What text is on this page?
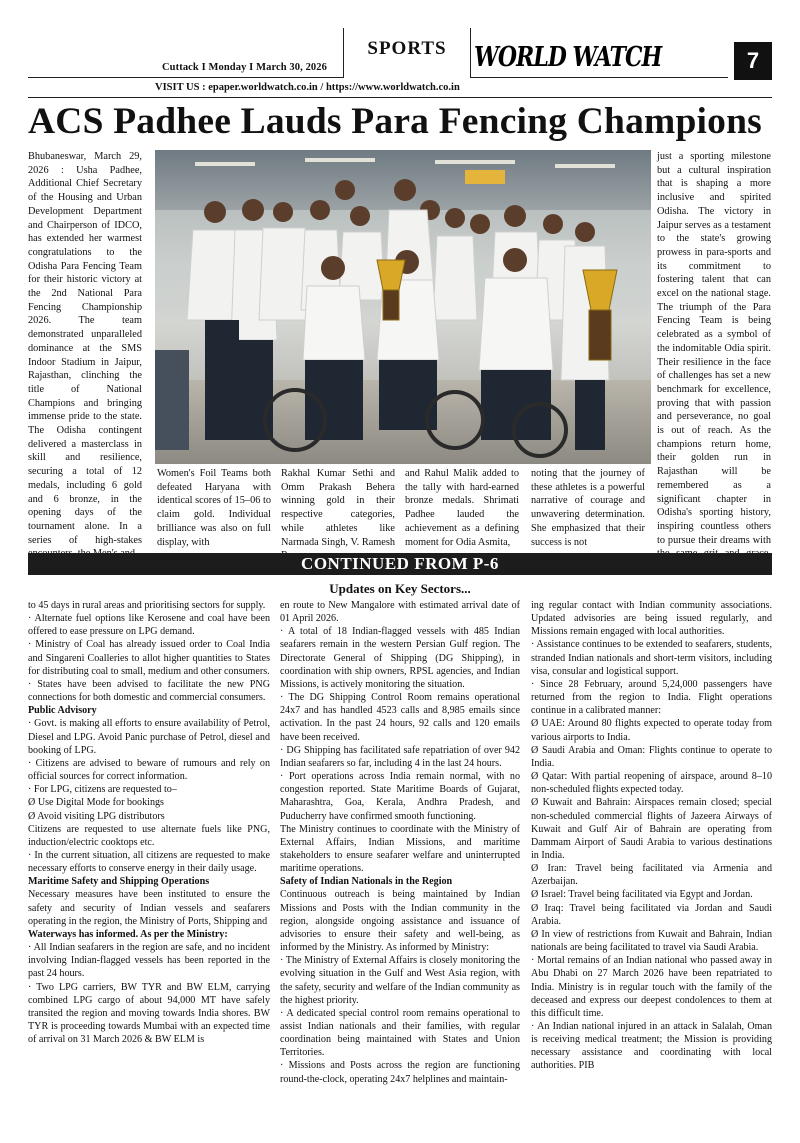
Cuttack I Monday I March 30, 2026
VISIT US : epaper.worldwatch.co.in / https://www.worldwatch.co.in
SPORTS	WORLD WATCH	7
ACS Padhee Lauds Para Fencing Champions

Bhubaneswar, March 29, 2026 : Usha Padhee, Additional Chief Secretary of the Housing and Urban Development Department and Chairperson of IDCO, has extended her warmest congratulations to the Odisha Para Fencing Team for their historic victory at the 2nd National Para Fencing Championship 2026. The team demonstrated unparalleled dominance at the SMS Indoor Stadium in Jaipur, Rajasthan, clinching the title of National Champions and bringing immense pride to the state. The Odisha contingent delivered a masterclass in skill and resilience, securing a total of 12 medals, including 6 gold and 6 bronze, in the opening days of the tournament alone. In a series of high-stakes

Women's Foil Teams both defeated Haryana with identical scores of 15–06 to claim gold. Individual brilliance was also on full display, with

Rakhal Kumar Sethi and Omm Prakash Behera winning gold in their respective categories, while athletes like Narmada Singh, V. Ramesh

and Rahul Malik added to the tally with hard-earned bronze medals. Shrimati Padhee lauded the achievement as a defining moment for Odia Asmita,

noting that the journey of these athletes is a powerful narrative of courage and unwavering determination. She emphasized that their success is not

just a sporting milestone but a cultural inspiration that is shaping a more inclusive and spirited Odisha. The victory in Jaipur serves as a testament to the state's growing prowess in para-sports and its commitment to fostering talent that can excel on the national stage. The triumph of the Para Fencing Team is being celebrated as a symbol of the indomitable Odia spirit. Their resilience in the face of challenges has set a new benchmark for excellence, proving that with passion and perseverance, no goal is out of reach. As the champions return home, their golden run in Rajasthan will be remembered as a significant chapter in Odisha's sporting history, inspiring countless others to pursue their dreams with

CONTINUED FROM P-6
Updates on Key Sectors...

to 45 days in rural areas and prioritising sectors for supply.

· Alternate fuel options like Kerosene and coal have been offered to ease pressure on LPG demand.

· Ministry of Coal has already issued order to Coal India and Singareni Coalleries to allot higher quantities to States for distributing coal to small, medium and other consumers.

· States have been advised to facilitate the new PNG connections for both domestic and commercial consumers.

Public Advisory

· Govt. is making all efforts to ensure availability of Petrol, Diesel and LPG. Avoid Panic purchase of Petrol, diesel and booking of LPG.

· Citizens are advised to beware of rumours and rely on official sources for correct information.

· For LPG, citizens are requested to–

Ø Use Digital Mode for bookings

Ø Avoid visiting LPG distributors

Citizens are requested to use alternate fuels like PNG, induction/electric cooktops etc.

· In the current situation, all citizens are requested to make necessary efforts to conserve energy in their daily usage.

Maritime Safety and Shipping Operations

Necessary measures have been instituted to ensure the safety and security of Indian vessels and seafarers operating in the region, the Ministry of Ports, Shipping and

Waterways has informed. As per the Ministry:

· All Indian seafarers in the region are safe, and no incident involving Indian-flagged vessels has been reported in the past 24 hours.

· Two LPG carriers, BW TYR and BW ELM, carrying combined LPG cargo of about 94,000 MT have safely transited the region and moving towards India shores. BW TYR is proceeding towards Mumbai with an expected time of arrival on 31 March 2026 & BW ELM is

en route to New Mangalore with estimated arrival date of 01 April 2026.

· A total of 18 Indian-flagged vessels with 485 Indian seafarers remain in the western Persian Gulf region. The Directorate General of Shipping (DG Shipping), in coordination with ship owners, RPSL agencies, and Indian Missions, is actively monitoring the situation.

· The DG Shipping Control Room remains operational 24x7 and has handled 4523 calls and 8,985 emails since activation. In the past 24 hours, 92 calls and 120 emails have been received.

· DG Shipping has facilitated safe repatriation of over 942 Indian seafarers so far, including 4 in the last 24 hours.

· Port operations across India remain normal, with no congestion reported. State Maritime Boards of Gujarat, Maharashtra, Goa, Kerala, Andhra Pradesh, and Puducherry have confirmed smooth functioning.

The Ministry continues to coordinate with the Ministry of External Affairs, Indian Missions, and maritime stakeholders to ensure seafarer welfare and uninterrupted maritime operations.

Safety of Indian Nationals in the Region

Continuous outreach is being maintained by Indian Missions and Posts with the Indian community in the region, alongside ongoing assistance and issuance of advisories to ensure their safety and well-being, as informed by the Ministry. As informed by Ministry:

· The Ministry of External Affairs is closely monitoring the evolving situation in the Gulf and West Asia region, with the safety, security and welfare of the Indian community as the highest priority.

· A dedicated special control room remains operational to assist Indian nationals and their families, with regular coordination being maintained with States and Union Territories.

· Missions and Posts across the region are functioning round-the-clock, operating 24x7 helplines and maintain-

ing regular contact with Indian community associations. Updated advisories are being issued regularly, and Missions remain engaged with local authorities.

· Assistance continues to be extended to seafarers, students, stranded Indian nationals and short-term visitors, including visa, consular and logistical support.

· Since 28 February, around 5,24,000 passengers have returned from the region to India. Flight operations continue in a calibrated manner:

Ø UAE: Around 80 flights expected to operate today from various airports to India.

Ø Saudi Arabia and Oman: Flights continue to operate to India.

Ø Qatar: With partial reopening of airspace, around 8–10 non-scheduled flights expected today.

Ø Kuwait and Bahrain: Airspaces remain closed; special non-scheduled commercial flights of Jazeera Airways of Kuwait and Gulf Air of Bahrain are operating from Dammam Airport of Saudi Arabia to various destinations in India.

Ø Iran: Travel being facilitated via Armenia and Azerbaijan.

Ø Israel: Travel being facilitated via Egypt and Jordan.

Ø Iraq: Travel being facilitated via Jordan and Saudi Arabia.

Ø In view of restrictions from Kuwait and Bahrain, Indian nationals are being facilitated to travel via Saudi Arabia.

· Mortal remains of an Indian national who passed away in Abu Dhabi on 27 March 2026 have been repatriated to India. Ministry is in regular touch with the family of the deceased and express our deepest condolences to them at this difficult time.

· An Indian national injured in an attack in Salalah, Oman is receiving medical treatment; the Mission is providing necessary assistance and coordinating with local authorities. PIB
